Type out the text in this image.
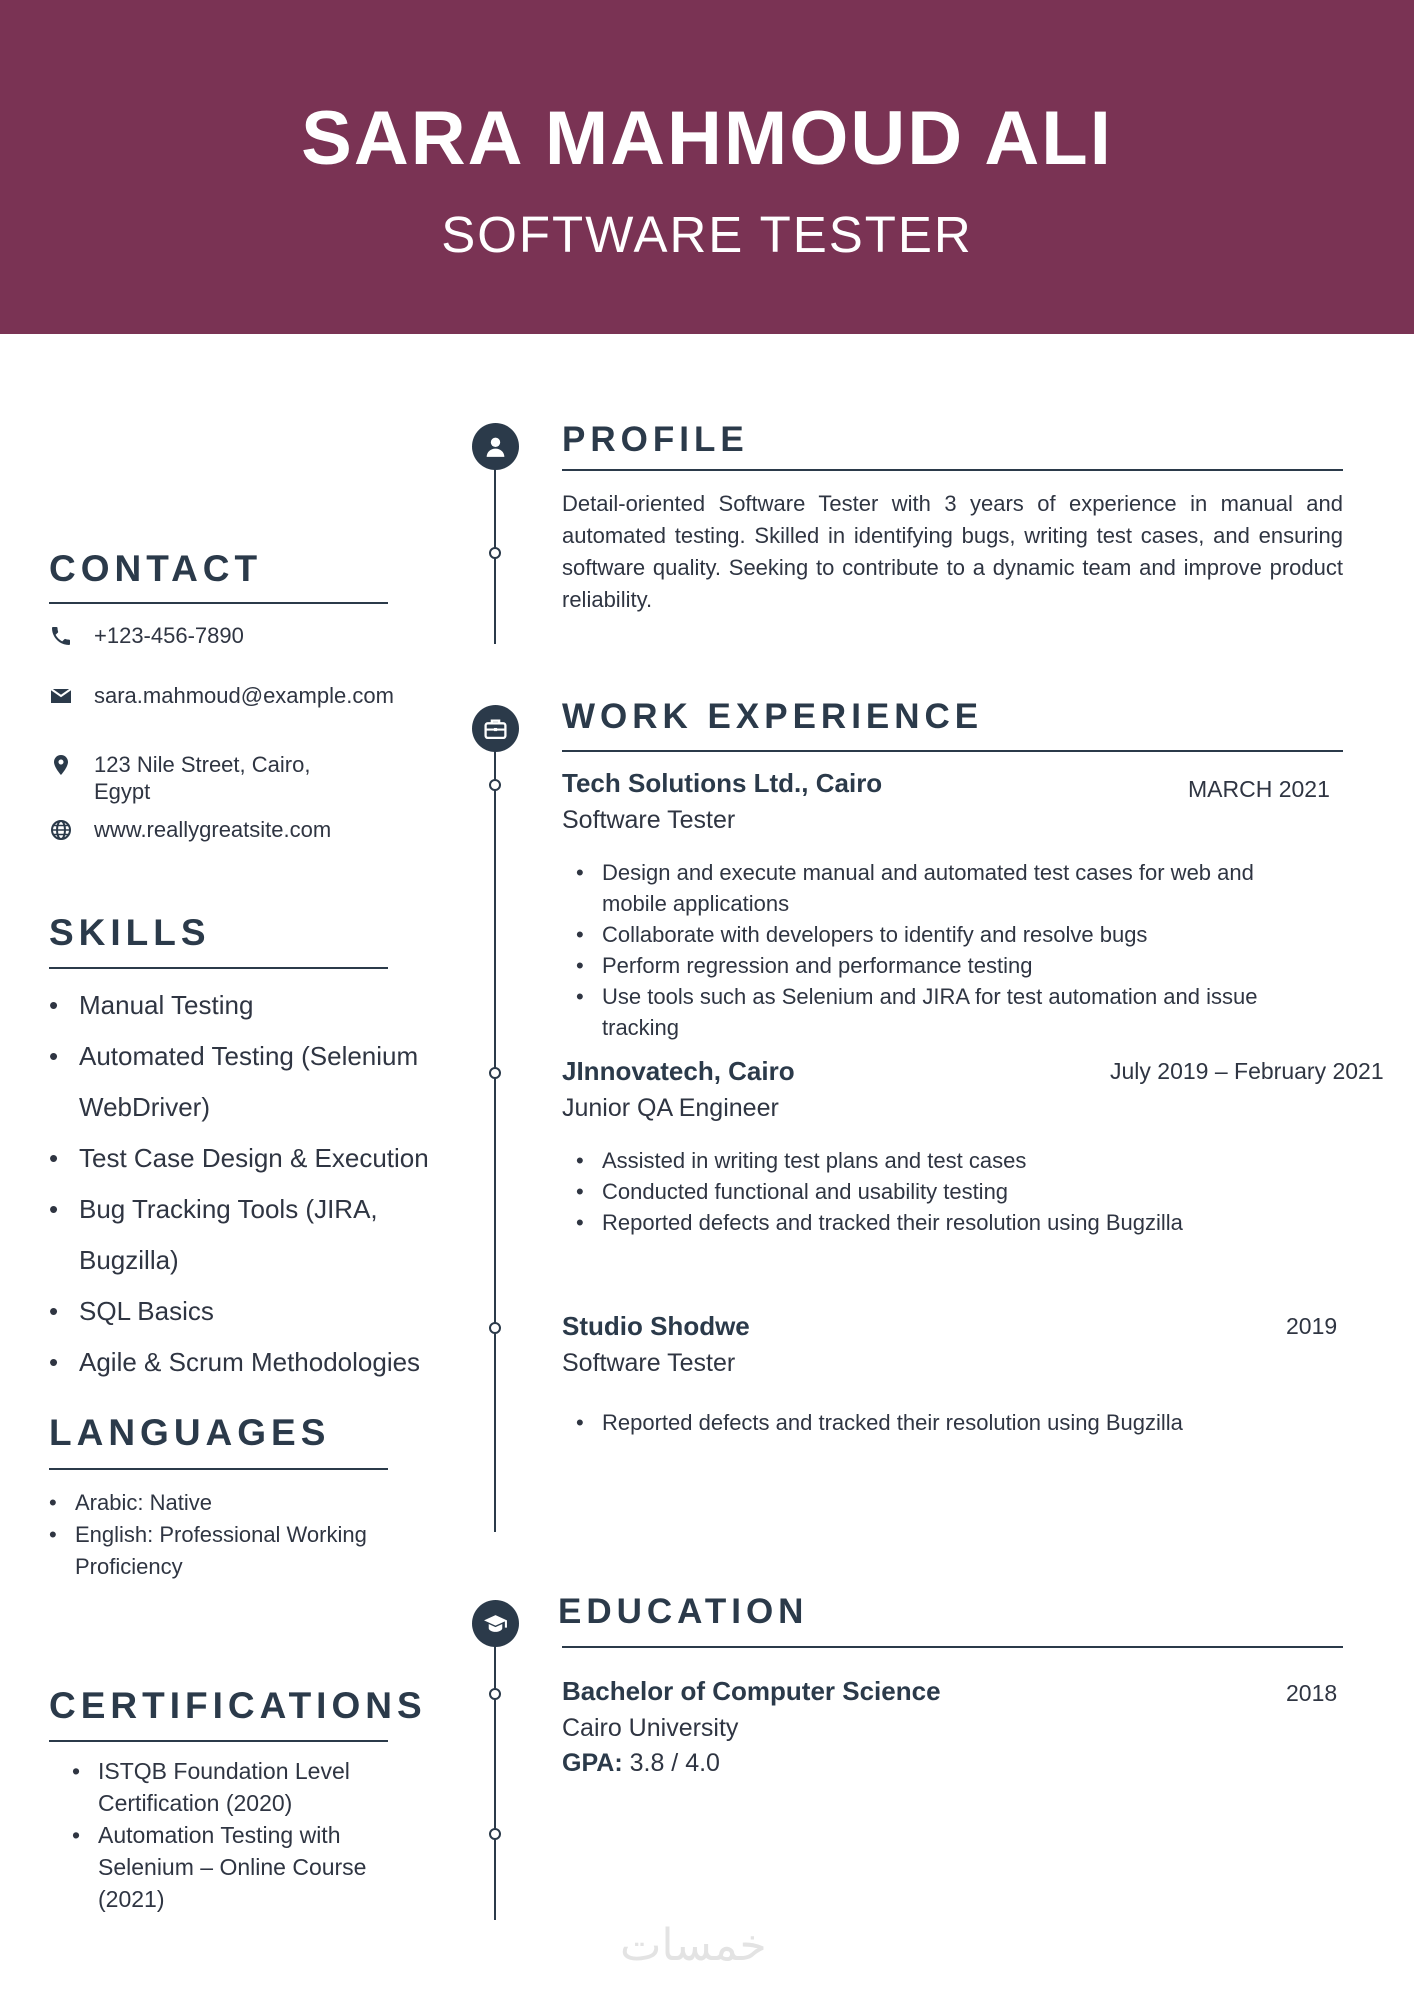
SARA MAHMOUD ALI
SOFTWARE TESTER
CONTACT
+123-456-7890
sara.mahmoud@example.com
123 Nile Street, Cairo, Egypt
www.reallygreatsite.com
SKILLS
• Manual Testing
• Automated Testing (Selenium WebDriver)
• Test Case Design & Execution
• Bug Tracking Tools (JIRA, Bugzilla)
• SQL Basics
• Agile & Scrum Methodologies
LANGUAGES
• Arabic: Native
• English: Professional Working Proficiency
CERTIFICATIONS
• ISTQB Foundation Level Certification (2020)
• Automation Testing with Selenium – Online Course (2021)
PROFILE
Detail-oriented Software Tester with 3 years of experience in manual and automated testing. Skilled in identifying bugs, writing test cases, and ensuring software quality. Seeking to contribute to a dynamic team and improve product reliability.
WORK EXPERIENCE
Tech Solutions Ltd., Cairo	MARCH 2021
Software Tester
• Design and execute manual and automated test cases for web and mobile applications
• Collaborate with developers to identify and resolve bugs
• Perform regression and performance testing
• Use tools such as Selenium and JIRA for test automation and issue tracking
JInnovatech, Cairo	July 2019 – February 2021
Junior QA Engineer
• Assisted in writing test plans and test cases
• Conducted functional and usability testing
• Reported defects and tracked their resolution using Bugzilla
Studio Shodwe	2019
Software Tester
• Reported defects and tracked their resolution using Bugzilla
EDUCATION
Bachelor of Computer Science	2018
Cairo University
GPA: 3.8 / 4.0
خمسات
